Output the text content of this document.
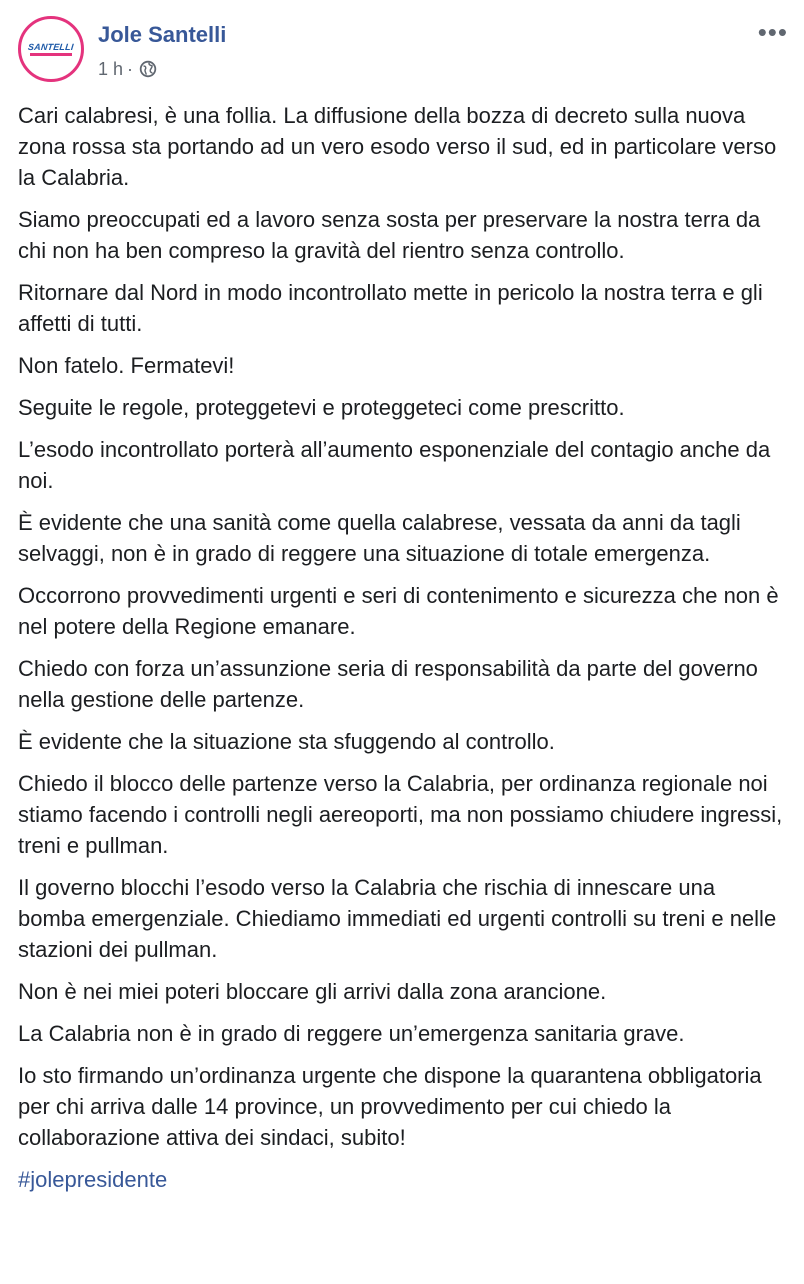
SANTELLI Jole Santelli
1 h ·
•••

Cari calabresi, è una follia. La diffusione della bozza di decreto sulla nuova zona rossa sta portando ad un vero esodo verso il sud, ed in particolare verso la Calabria.

Siamo preoccupati ed a lavoro senza sosta per preservare la nostra terra da chi non ha ben compreso la gravità del rientro senza controllo.

Ritornare dal Nord in modo incontrollato mette in pericolo la nostra terra e gli affetti di tutti.

Non fatelo. Fermatevi!

Seguite le regole, proteggetevi e proteggeteci come prescritto.

L’esodo incontrollato porterà all’aumento esponenziale del contagio anche da noi.

È evidente che una sanità come quella calabrese, vessata da anni da tagli selvaggi, non è in grado di reggere una situazione di totale emergenza.

Occorrono provvedimenti urgenti e seri di contenimento e sicurezza che non è nel potere della Regione emanare.

Chiedo con forza un’assunzione seria di responsabilità da parte del governo nella gestione delle partenze.

È evidente che la situazione sta sfuggendo al controllo.

Chiedo il blocco delle partenze verso la Calabria, per ordinanza regionale noi stiamo facendo i controlli negli aereoporti, ma non possiamo chiudere ingressi, treni e pullman.

Il governo blocchi l’esodo verso la Calabria che rischia di innescare una bomba emergenziale. Chiediamo immediati ed urgenti controlli su treni e nelle stazioni dei pullman.

Non è nei miei poteri bloccare gli arrivi dalla zona arancione.

La Calabria non è in grado di reggere un’emergenza sanitaria grave.

Io sto firmando un’ordinanza urgente che dispone la quarantena obbligatoria per chi arriva dalle 14 province, un provvedimento per cui chiedo la collaborazione attiva dei sindaci, subito!

#jolepresidente
